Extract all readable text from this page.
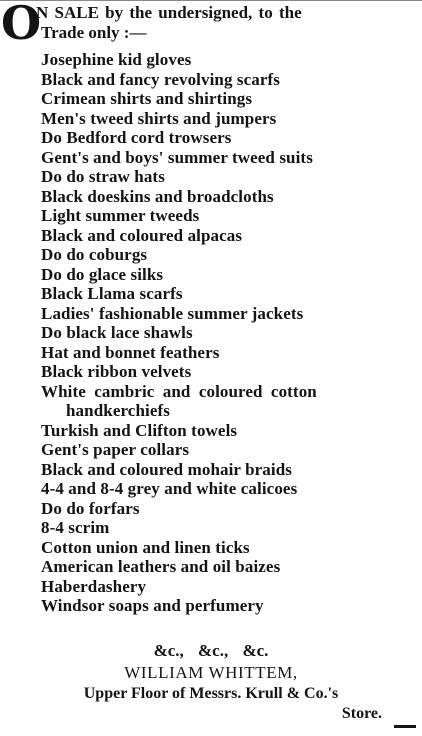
O
N SALE by the undersigned, to the
Trade only :—
Josephine kid gloves
Black and fancy revolving scarfs
Crimean shirts and shirtings
Men's tweed shirts and jumpers
Do Bedford cord trowsers
Gent's and boys' summer tweed suits
Do do straw hats
Black doeskins and broadcloths
Light summer tweeds
Black and coloured alpacas
Do do coburgs
Do do glace silks
Black Llama scarfs
Ladies' fashionable summer jackets
Do black lace shawls
Hat and bonnet feathers
Black ribbon velvets
White cambric and coloured cotton
handkerchiefs
Turkish and Clifton towels
Gent's paper collars
Black and coloured mohair braids
4-4 and 8-4 grey and white calicoes
Do do forfars
8-4 scrim
Cotton union and linen ticks
American leathers and oil baizes
Haberdashery
Windsor soaps and perfumery
&c., &c., &c.
WILLIAM WHITTEM,
Upper Floor of Messrs. Krull & Co.'s
Store.
